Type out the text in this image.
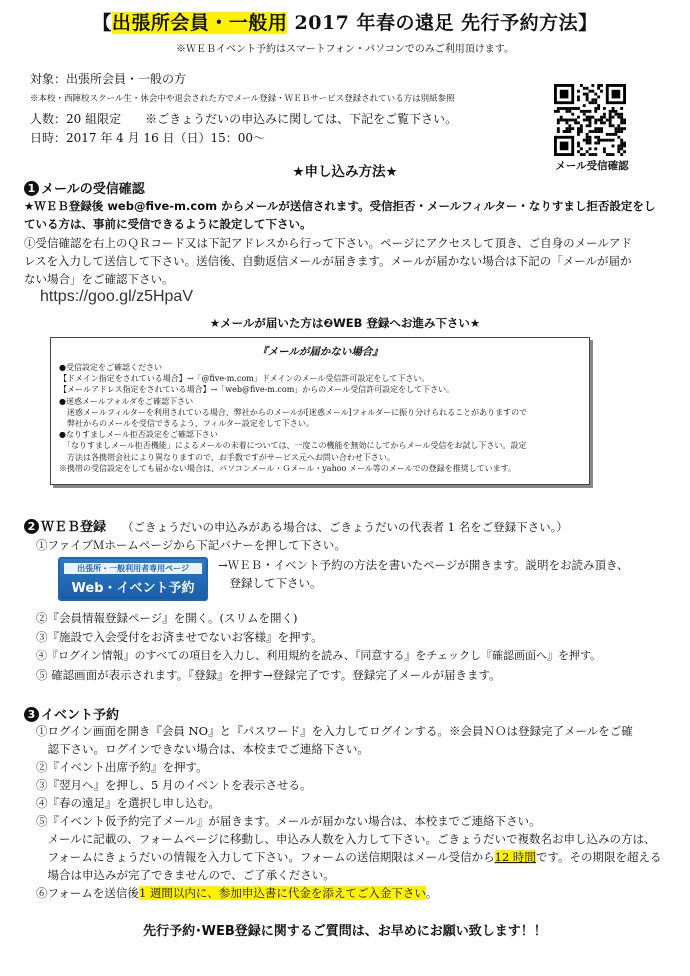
【出張所会員・一般用 2017 年春の遠足 先行予約方法】
※ＷＥＢイベント予約はスマートフォン・パソコンでのみご利用頂けます。
対象：出張所会員・一般の方
※本校・西陣校スクール生・休会中や退会された方でメール登録・ＷＥＢサービス登録されている方は別紙参照
人数：20 組限定　　※ごきょうだいの申込みに関しては、下記をご覧下さい。
日時：2017 年 4 月 16 日（日）15：00〜
メール受信確認
★申し込み方法★
1 メールの受信確認
★ＷＥＢ登録後 web@five-m.com からメールが送信されます。受信拒否・メールフィルター・なりすまし拒否設定をし
ている方は、事前に受信できるように設定して下さい。
①受信確認を右上のＱＲコード又は下記アドレスから行って下さい。ページにアクセスして頂き、ご自身のメールアド
レスを入力して送信して下さい。送信後、自動返信メールが届きます。メールが届かない場合は下記の「メールが届か
ない場合」をご確認下さい。
https://goo.gl/z5HpaV
★メールが届いた方は❷WEB 登録へお進み下さい★
『メールが届かない場合』
●受信設定をご確認ください
【ドメイン指定をされている場合】→「@five-m.com」ドメインのメール受信許可設定をして下さい。
【メールアドレス指定をされている場合】→「web@five-m.com」からのメール受信許可設定をして下さい。
●迷惑メールフォルダをご確認下さい
　迷惑メールフィルターを利用されている場合、弊社からのメールが[迷惑メール]フォルダーに振り分けられることがありますので
　弊社からのメールを受信できるよう、フィルター設定をして下さい。
●なりすましメール拒否設定をご確認下さい
　「なりすましメール拒否機能」によるメールの未着については、一度この機能を無効にしてからメール受信をお試し下さい。設定
　方法は各携帯会社により異なりますので、お手数ですがサービス元へお問い合わせ下さい。
※携帯の受信設定をしても届かない場合は、パソコンメール・Ｇメール・yahoo メール等のメールでの登録を推奨しています。
2 ＷＥＢ登録 （ごきょうだいの申込みがある場合は、ごきょうだいの代表者 1 名をご登録下さい。）
①ファイブＭホームページから下記バナーを押して下さい。
出張所・一般利用者専用ページ
Web・イベント予約
→ＷＥＢ・イベント予約の方法を書いたページが開きます。説明をお読み頂き、
　登録して下さい。
②『会員情報登録ページ』を開く。(スリムを開く)
③『施設で入会受付をお済ませでないお客様』を押す。
④『ログイン情報』のすべての項目を入力し、利用規約を読み、『同意する』をチェックし『確認画面へ』を押す。
⑤ 確認画面が表示されます。『登録』を押す→登録完了です。登録完了メールが届きます。
3 イベント予約
①ログイン画面を開き『会員 NO』と『パスワード』を入力してログインする。※会員ＮＯは登録完了メールをご確
　認下さい。ログインできない場合は、本校までご連絡下さい。
②『イベント出席予約』を押す。
③『翌月へ』を押し、5 月のイベントを表示させる。
④『春の遠足』を選択し申し込む。
⑤『イベント仮予約完了メール』が届きます。メールが届かない場合は、本校までご連絡下さい。
　メールに記載の、フォームページに移動し、申込み人数を入力して下さい。ごきょうだいで複数名お申し込みの方は、
　フォームにきょうだいの情報を入力して下さい。フォームの送信期限はメール受信から12 時間です。その期限を超える
　場合は申込みが完了できませんので、ご了承ください。
⑥フォームを送信後1 週間以内に、参加申込書に代金を添えてご入金下さい。
先行予約･WEB登録に関するご質問は、お早めにお願い致します！！
